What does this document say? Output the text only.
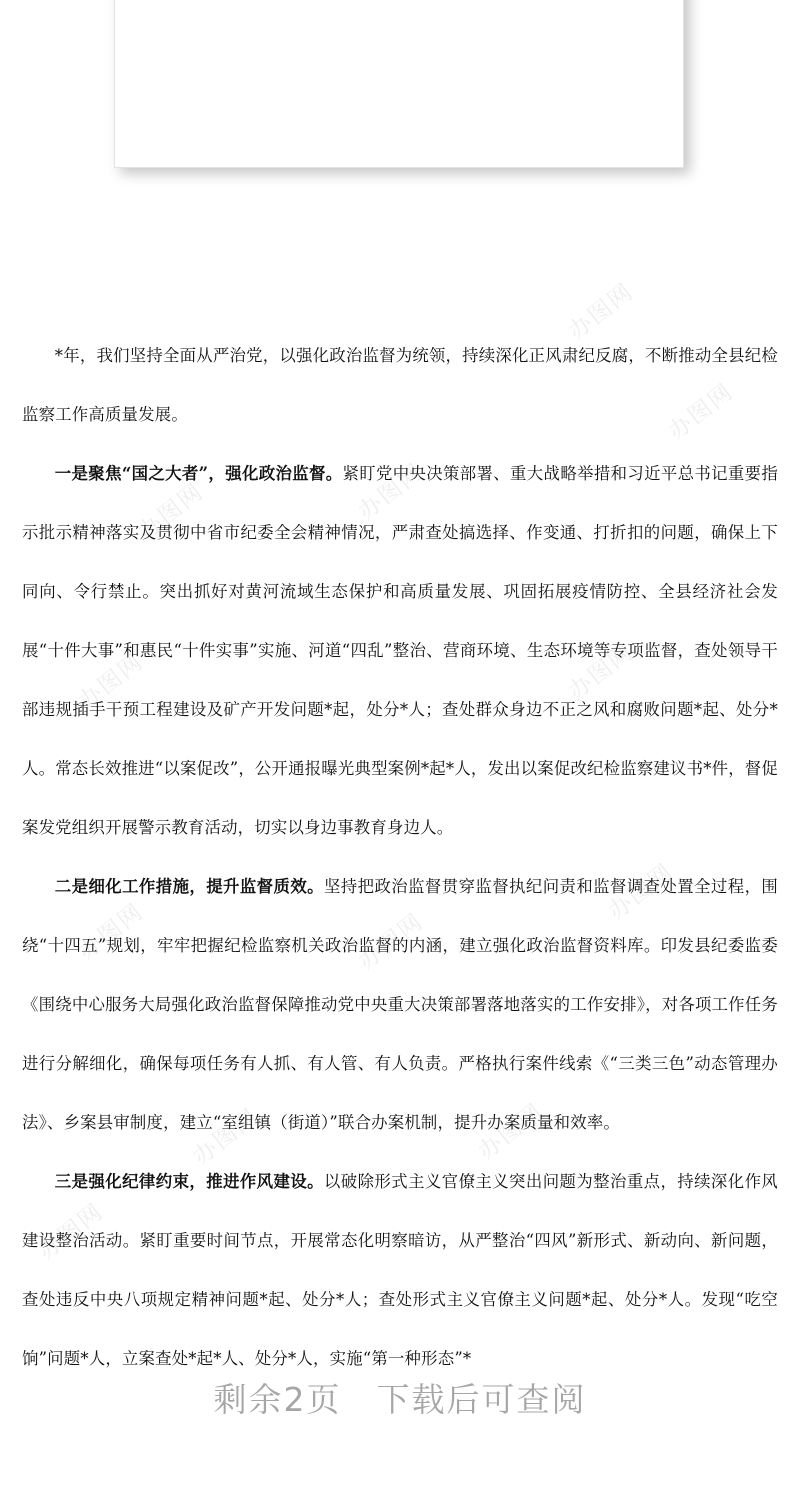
*年，我们坚持全面从严治党，以强化政治监督为统领，持续深化正风肃纪反腐，不断推动全县纪检监察工作高质量发展。

一是聚焦“国之大者”，强化政治监督。紧盯党中央决策部署、重大战略举措和习近平总书记重要指示批示精神落实及贯彻中省市纪委全会精神情况，严肃查处搞选择、作变通、打折扣的问题，确保上下同向、令行禁止。突出抓好对黄河流域生态保护和高质量发展、巩固拓展疫情防控、全县经济社会发展“十件大事”和惠民“十件实事”实施、河道“四乱”整治、营商环境、生态环境等专项监督，查处领导干部违规插手干预工程建设及矿产开发问题*起，处分*人；查处群众身边不正之风和腐败问题*起、处分*人。常态长效推进“以案促改”，公开通报曝光典型案例*起*人，发出以案促改纪检监察建议书*件，督促案发党组织开展警示教育活动，切实以身边事教育身边人。

二是细化工作措施，提升监督质效。坚持把政治监督贯穿监督执纪问责和监督调查处置全过程，围绕“十四五”规划，牢牢把握纪检监察机关政治监督的内涵，建立强化政治监督资料库。印发县纪委监委《围绕中心服务大局强化政治监督保障推动党中央重大决策部署落地落实的工作安排》，对各项工作任务进行分解细化，确保每项任务有人抓、有人管、有人负责。严格执行案件线索《“三类三色”动态管理办法》、乡案县审制度，建立“室组镇（街道）”联合办案机制，提升办案质量和效率。

三是强化纪律约束，推进作风建设。以破除形式主义官僚主义突出问题为整治重点，持续深化作风建设整治活动。紧盯重要时间节点，开展常态化明察暗访，从严整治“四风”新形式、新动向、新问题，查处违反中央八项规定精神问题*起、处分*人；查处形式主义官僚主义问题*起、处分*人。发现“吃空饷”问题*人，立案查处*起*人、处分*人，实施“第一种形态”*

办图网
办图网
办图网	办图网
办图网
办图网
办图网
办图网
办图网	办图网
办图网
办图网
剩余2页　下载后可查阅
